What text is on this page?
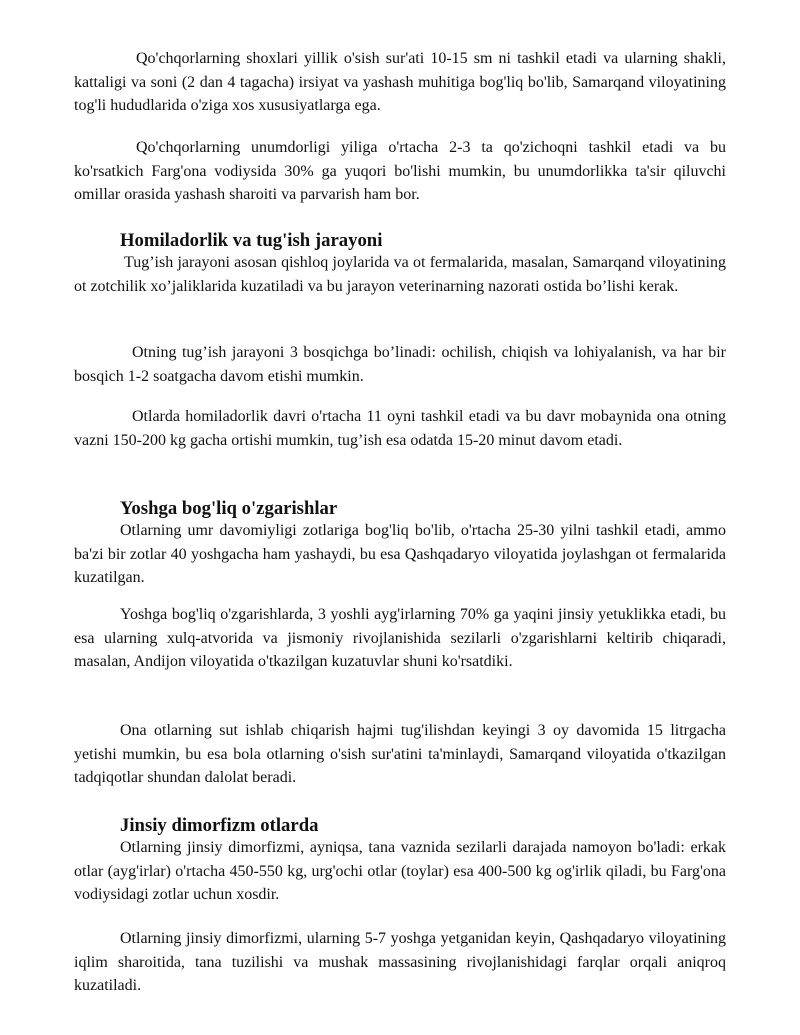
Qo'chqorlarning shoxlari yillik o'sish sur'ati 10-15 sm ni tashkil etadi va ularning shakli, kattaligi va soni (2 dan 4 tagacha) irsiyat va yashash muhitiga bog'liq bo'lib, Samarqand viloyatining tog'li hududlarida o'ziga xos xususiyatlarga ega.

Qo'chqorlarning unumdorligi yiliga o'rtacha 2-3 ta qo'zichoqni tashkil etadi va bu ko'rsatkich Farg'ona vodiysida 30% ga yuqori bo'lishi mumkin, bu unumdorlikka ta'sir qiluvchi omillar orasida yashash sharoiti va parvarish ham bor.

Homiladorlik va tug'ish jarayoni

Tug’ish jarayoni asosan qishloq joylarida va ot fermalarida, masalan, Samarqand viloyatining ot zotchilik xo’jaliklarida kuzatiladi va bu jarayon veterinarning nazorati ostida bo’lishi kerak.

Otning tug’ish jarayoni 3 bosqichga bo’linadi: ochilish, chiqish va lohiyalanish, va har bir bosqich 1-2 soatgacha davom etishi mumkin.

Otlarda homiladorlik davri o'rtacha 11 oyni tashkil etadi va bu davr mobaynida ona otning vazni 150-200 kg gacha ortishi mumkin, tug’ish esa odatda 15-20 minut davom etadi.

Yoshga bog'liq o'zgarishlar

Otlarning umr davomiyligi zotlariga bog'liq bo'lib, o'rtacha 25-30 yilni tashkil etadi, ammo ba'zi bir zotlar 40 yoshgacha ham yashaydi, bu esa Qashqadaryo viloyatida joylashgan ot fermalarida kuzatilgan.

Yoshga bog'liq o'zgarishlarda, 3 yoshli ayg'irlarning 70% ga yaqini jinsiy yetuklikka etadi, bu esa ularning xulq-atvorida va jismoniy rivojlanishida sezilarli o'zgarishlarni keltirib chiqaradi, masalan, Andijon viloyatida o'tkazilgan kuzatuvlar shuni ko'rsatdiki.

Ona otlarning sut ishlab chiqarish hajmi tug'ilishdan keyingi 3 oy davomida 15 litrgacha yetishi mumkin, bu esa bola otlarning o'sish sur'atini ta'minlaydi, Samarqand viloyatida o'tkazilgan tadqiqotlar shundan dalolat beradi.

Jinsiy dimorfizm otlarda

Otlarning jinsiy dimorfizmi, ayniqsa, tana vaznida sezilarli darajada namoyon bo'ladi: erkak otlar (ayg'irlar) o'rtacha 450-550 kg, urg'ochi otlar (toylar) esa 400-500 kg og'irlik qiladi, bu Farg'ona vodiysidagi zotlar uchun xosdir.

Otlarning jinsiy dimorfizmi, ularning 5-7 yoshga yetganidan keyin, Qashqadaryo viloyatining iqlim sharoitida, tana tuzilishi va mushak massasining rivojlanishidagi farqlar orqali aniqroq kuzatiladi.
